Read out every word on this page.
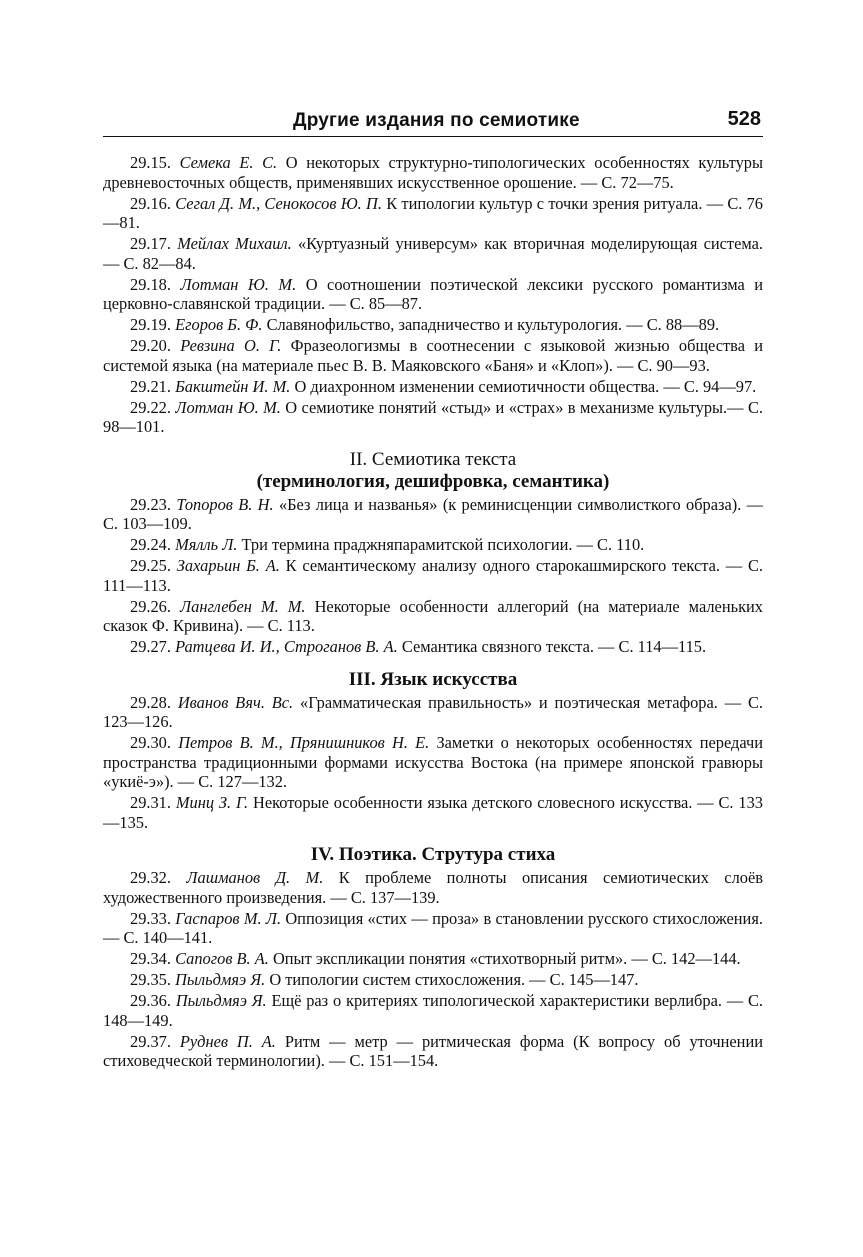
Другие издания по семиотике	528

29.15. Семека Е. С. О некоторых структурно-типологических особенностях культуры древневосточных обществ, применявших искусственное орошение. — С. 72—75.

29.16. Сегал Д. М., Сенокосов Ю. П. К типологии культур с точки зрения ритуала. — С. 76—81.

29.17. Мейлах Михаил. «Куртуазный универсум» как вторичная моделирующая система. — С. 82—84.

29.18. Лотман Ю. М. О соотношении поэтической лексики русского романтизма и церковно-славянской традиции. — С. 85—87.

29.19. Егоров Б. Ф. Славянофильство, западничество и культурология. — С. 88—89.

29.20. Ревзина О. Г. Фразеологизмы в соотнесении с языковой жизнью общества и системой языка (на материале пьес В. В. Маяковского «Баня» и «Клоп»). — С. 90—93.

29.21. Бакштейн И. М. О диахронном изменении семиотичности общества. — С. 94—97.

29.22. Лотман Ю. М. О семиотике понятий «стыд» и «страх» в механизме культуры.— С. 98—101.

II. Семиотика текста

(терминология, дешифровка, семантика)

29.23. Топоров В. Н. «Без лица и названья» (к реминисценции символисткого образа). — С. 103—109.

29.24. Мялль Л. Три термина праджняпарамитской психологии. — С. 110.

29.25. Захарьин Б. А. К семантическому анализу одного старокашмирского текста. — С. 111—113.

29.26. Ланглебен М. М. Некоторые особенности аллегорий (на материале маленьких сказок Ф. Кривина). — С. 113.

29.27. Ратцева И. И., Строганов В. А. Семантика связного текста. — С. 114—115.

III. Язык искусства

29.28. Иванов Вяч. Вс. «Грамматическая правильность» и поэтическая метафора. — С. 123—126.

29.30. Петров В. М., Прянишников Н. Е. Заметки о некоторых особенностях передачи пространства традиционными формами искусства Востока (на примере японской гравюры «укиё-э»). — С. 127—132.

29.31. Минц З. Г. Некоторые особенности языка детского словесного искусства. — С. 133—135.

IV. Поэтика. Струтура стиха

29.32. Лашманов Д. М. К проблеме полноты описания семиотических слоёв художественного произведения. — С. 137—139.

29.33. Гаспаров М. Л. Оппозиция «стих — проза» в становлении русского стихосложения. — С. 140—141.

29.34. Сапогов В. А. Опыт экспликации понятия «стихотворный ритм». — С. 142—144.

29.35. Пыльдмяэ Я. О типологии систем стихосложения. — С. 145—147.

29.36. Пыльдмяэ Я. Ещё раз о критериях типологической характеристики верлибра. — С. 148—149.

29.37. Руднев П. А. Ритм — метр — ритмическая форма (К вопросу об уточнении стиховедческой терминологии). — С. 151—154.
